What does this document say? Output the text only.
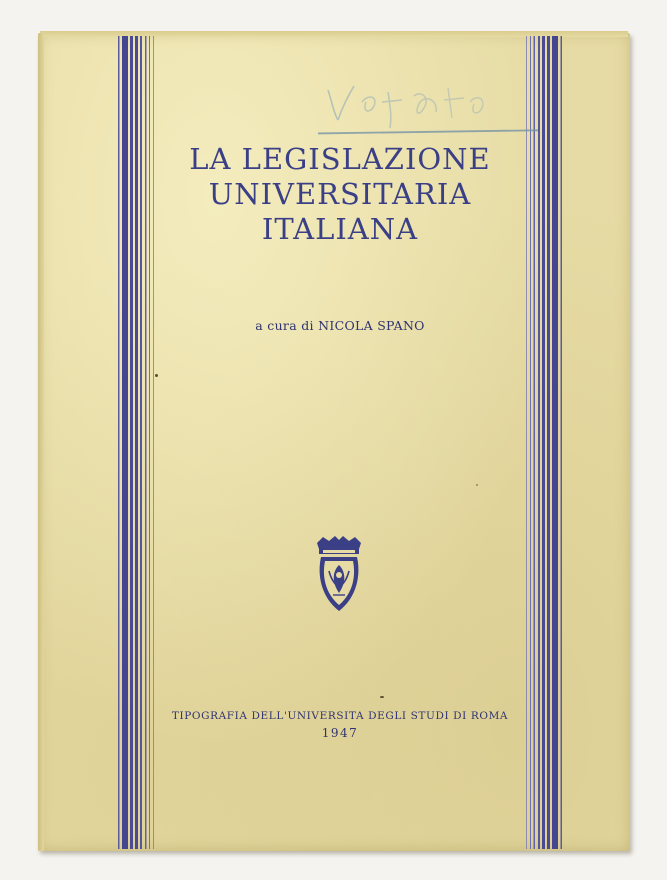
LA LEGISLAZIONE
UNIVERSITARIA
ITALIANA
a cura di NICOLA SPANO
TIPOGRAFIA DELL'UNIVERSITA DEGLI STUDI DI ROMA
1947
